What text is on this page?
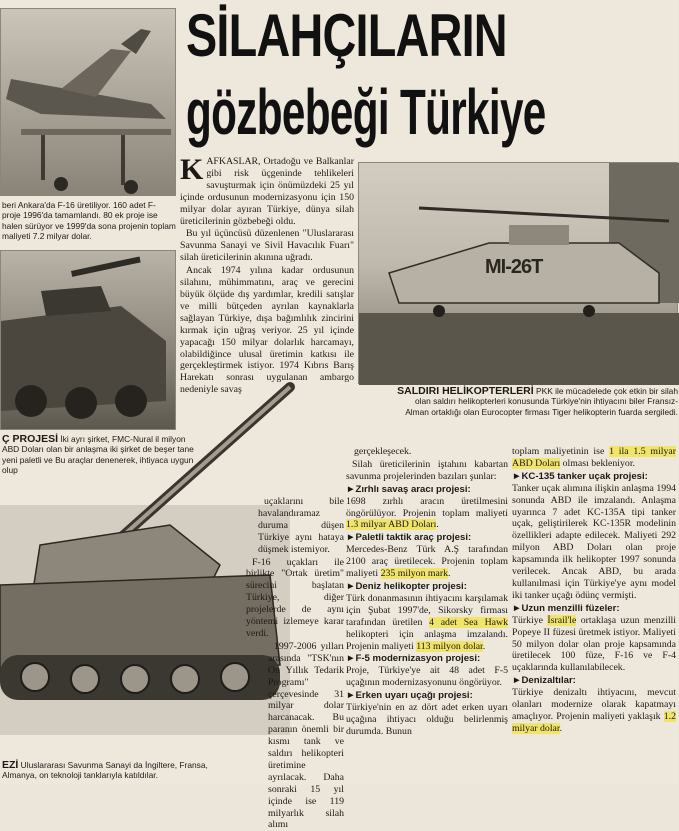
beri Ankara'da F-16 üretiliyor. 160 adet F- proje 1996'da tamamlandı. 80 ek proje ise halen sürüyor ve 1999'da sona projenin toplam maliyeti 7.2 milyar dolar.
SİLAHÇILARIN
gözbebeği Türkiye

KAFKASLAR, Ortadoğu ve Balkanlar gibi risk üçgeninde tehlikeleri savuşturmak için önümüzdeki 25 yıl içinde ordusunun modernizasyonu için 150 milyar dolar ayıran Türkiye, dünya silah üreticilerinin gözbebeği oldu.

Bu yıl üçüncüsü düzenlenen "Uluslararası Savunma Sanayi ve Sivil Havacılık Fuarı" silah üreticilerinin akınına uğradı.

Ancak 1974 yılına kadar ordusunun silahını, mühimmatını, araç ve gerecini büyük ölçüde dış yardımlar, kredili satışlar ve milli bütçeden ayrılan kaynaklarla sağlayan Türkiye, dışa bağımlılık zincirini kırmak için uğraş veriyor. 25 yıl içinde yapacağı 150 milyar dolarlık harcamayı, olabildiğince ulusal üretimin katkısı ile gerçekleştirmek istiyor. 1974 Kıbrıs Barış Harekatı sonrası uygulanan ambargo nedeniyle savaş

MI-26T
SALDIRI HELİKOPTERLERİ PKK ile mücadelede çok etkin bir silah olan saldırı helikopterleri konusunda Türkiye'nin ihtiyacını biler Fransız-Alman ortaklığı olan Eurocopter firması Tiger helikopterin fuarda sergiledi.
Ç PROJESİ İki ayrı şirket, FMC-Nural il milyon ABD Doları olan bir anlaşma iki şirket de beşer tane yeni paletli ve Bu araçlar denenerek, ihtiyaca uygun olup

uçaklarını bile havalandıramaz duruma düşen Türkiye aynı hataya düşmek istemiyor.

F-16 uçakları ile birlikte "Ortak üretim" sürecini başlatan Türkiye, diğer projelerde de aynı yöntemi izlemeye karar verdi.

1997-2006 yılları arasında "TSK'nın On Yıllık Tedarik Programı" çerçevesinde 31 milyar dolar harcanacak. Bu paranın önemli bir kısmı tank ve saldırı helikopteri üretimine ayrılacak. Daha sonraki 15 yıl içinde ise 119 milyarlık silah alımı

EZİ Uluslararası Savunma Sanayi da İngiltere, Fransa, Almanya, on teknoloji tanklarıyla katıldılar.

gerçekleşecek.

Silah üreticilerinin iştahını kabartan savunma projelerinden bazıları şunlar:

►Zırhlı savaş aracı projesi:

1698 zırhlı aracın üretilmesini öngörülüyor. Projenin toplam maliyeti 1.3 milyar ABD Doları.

►Paletli taktik araç projesi:

Mercedes-Benz Türk A.Ş tarafından 2100 araç üretilecek. Projenin toplam maliyeti 235 milyon mark.

►Deniz helikopter projesi:

Türk donanmasının ihtiyacını karşılamak için Şubat 1997'de, Sikorsky firması tarafından üretilen 4 adet Sea Hawk helikopteri için anlaşma imzalandı. Projenin maliyeti 113 milyon dolar.

►F-5 modernizasyon projesi:

Proje, Türkiye'ye ait 48 adet F-5 uçağının modernizasyonunu öngörüyor.

►Erken uyarı uçağı projesi:

Türkiye'nin en az dört adet erken uyarı uçağına ihtiyacı olduğu belirlenmiş durumda. Bunun

toplam maliyetinin ise 1 ila 1.5 milyar ABD Doları olması bekleniyor.

►KC-135 tanker uçak projesi:

Tanker uçak alımına ilişkin anlaşma 1994 sonunda ABD ile imzalandı. Anlaşma uyarınca 7 adet KC-135A tipi tanker uçak, geliştirilerek KC-135R modelinin özellikleri adapte edilecek. Maliyeti 292 milyon ABD Doları olan proje kapsamında ilk helikopter 1997 sonunda verilecek. Ancak ABD, bu arada kullanılmasi için Türkiye'ye aynı model iki tanker uçağı ödünç vermişti.

►Uzun menzilli füzeler:

Türkiye İsrail'le ortaklaşa uzun menzilli Popeye II füzesi üretmek istiyor. Maliyeti 50 milyon dolar olan proje kapsamında üretilecek 100 füze, F-16 ve F-4 uçaklarında kullanılabilecek.

►Denizaltılar:

Türkiye denizaltı ihtiyacını, mevcut olanları modernize olarak kapatmayı amaçlıyor. Projenin maliyeti yaklaşık 1.2 milyar dolar.
